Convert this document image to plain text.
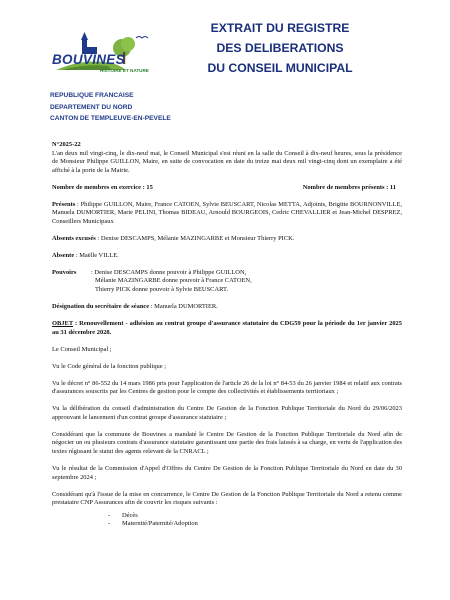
BOUVINES
HISTOIRE ET NATURE
EXTRAIT DU REGISTRE
DES DELIBERATIONS
DU CONSEIL MUNICIPAL
REPUBLIQUE FRANCAISE
DEPARTEMENT DU NORD
CANTON DE TEMPLEUVE-EN-PEVELE

N°2025-22

L'an deux mil vingt-cinq, le dix-neuf mai, le Conseil Municipal s'est réuni en la salle du Conseil à dix-neuf heures, sous la présidence de Monsieur Philippe GUILLON, Maire, en suite de convocation en date du treize mai deux mil vingt-cinq dont un exemplaire a été affiché à la porte de la Mairie.

Nombre de membres en exercice : 15	Nombre de membres présents : 11

Présents : Philippe GUILLON, Maire, France CATOEN, Sylvie BEUSCART, Nicolas METTA, Adjoints, Brigitte BOURNONVILLE, Manuela DUMORTIER, Marie PELINI, Thomas BIDEAU, Arnould BOURGEOIS, Cedric CHEVALLIER et Jean-Michel DESPREZ, Conseillers Municipaux

Absents excusés : Denise DESCAMPS, Mélanie MAZINGARBE et Monsieur Thierry PICK.

Absente : Maëlle VILLE.

Pouvoirs	: Denise DESCAMPS donne pouvoir à Philippe GUILLON,
Mélanie MAZINGARBE donne pouvoir à France CATOEN,
Thierry PICK donne pouvoir à Sylvie BEUSCART.

Désignation du secrétaire de séance : Manuela DUMORTIER.

OBJET : Renouvellement - adhésion au contrat groupe d'assurance statutaire du CDG59 pour la période du 1er janvier 2025 au 31 décembre 2028.

Le Conseil Municipal ;

Vu le Code général de la fonction publique ;

Vu le décret n° 86-552 du 14 mars 1986 pris pour l'application de l'article 26 de la loi n° 84-53 du 26 janvier 1984 et relatif aux contrats d'assurances souscrits par les Centres de gestion pour le compte des collectivités et établissements territoriaux ;

Vu la délibération du conseil d'administration du Centre De Gestion de la Fonction Publique Territoriale du Nord du 29/06/2023 approuvant le lancement d'un contrat groupe d'assurance statutaire ;

Considérant que la commune de Bouvines a mandaté le Centre De Gestion de la Fonction Publique Territoriale du Nord afin de négocier un ou plusieurs contrats d'assurance statutaire garantissant une partie des frais laissés à sa charge, en vertu de l'application des textes régissant le statut des agents relevant de la CNRACL ;

Vu le résultat de la Commission d'Appel d'Offres du Centre De Gestion de la Fonction Publique Territoriale du Nord en date du 30 septembre 2024 ;

Considérant qu'à l'issue de la mise en concurrence, le Centre De Gestion de la Fonction Publique Territoriale du Nord a retenu comme prestataire CNP Assurances afin de couvrir les risques suivants :

- Décès
- Maternité/Paternité/Adoption
